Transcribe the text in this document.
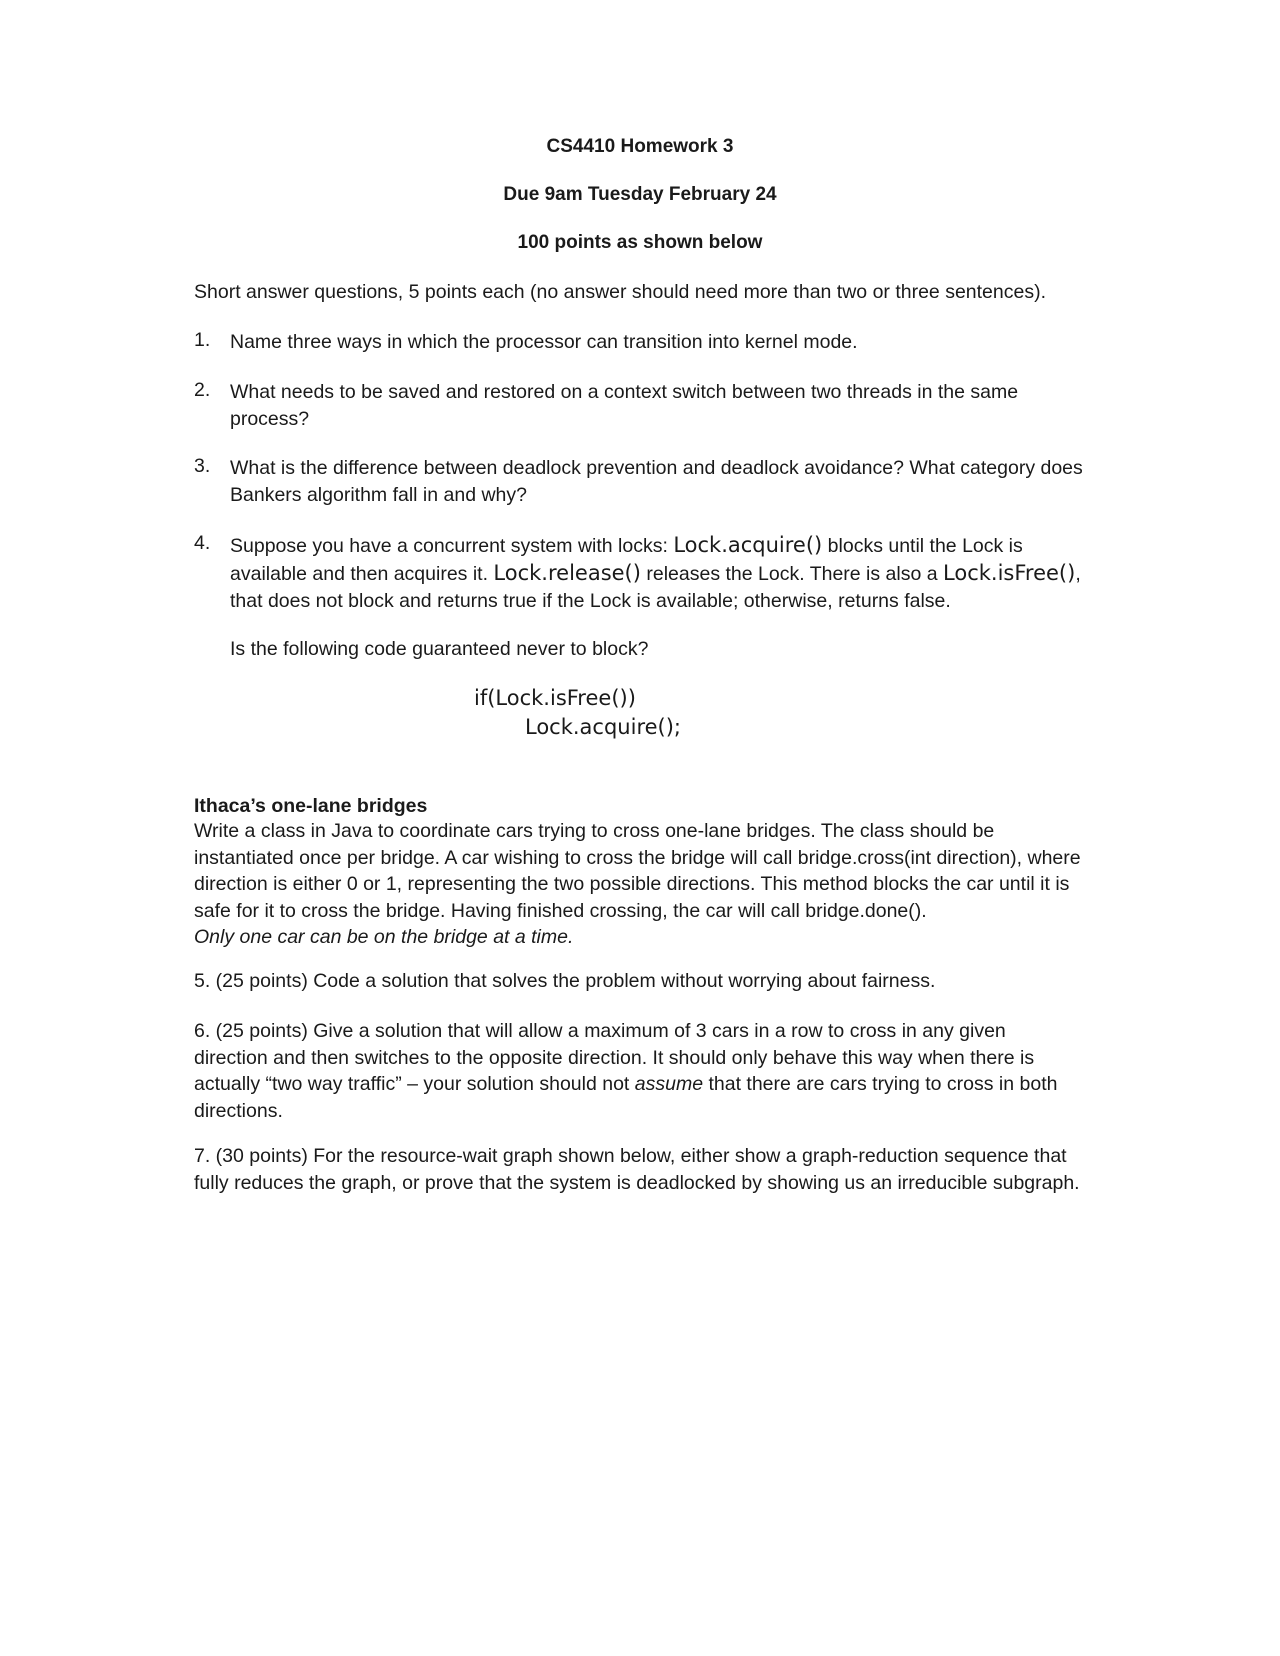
CS4410 Homework 3
Due 9am Tuesday February 24
100 points as shown below
Short answer questions, 5 points each (no answer should need more than two or three sentences).
1. Name three ways in which the processor can transition into kernel mode.
2. What needs to be saved and restored on a context switch between two threads in the same process?
3. What is the difference between deadlock prevention and deadlock avoidance? What category does Bankers algorithm fall in and why?
4. Suppose you have a concurrent system with locks: Lock.acquire() blocks until the Lock is available and then acquires it. Lock.release() releases the Lock. There is also a Lock.isFree(), that does not block and returns true if the Lock is available; otherwise, returns false.
Is the following code guaranteed never to block?
if(Lock.isFree())
Lock.acquire();
Ithaca’s one-lane bridges
Write a class in Java to coordinate cars trying to cross one-lane bridges. The class should be instantiated once per bridge. A car wishing to cross the bridge will call bridge.cross(int direction), where direction is either 0 or 1, representing the two possible directions. This method blocks the car until it is safe for it to cross the bridge. Having finished crossing, the car will call bridge.done().
Only one car can be on the bridge at a time.
5. (25 points) Code a solution that solves the problem without worrying about fairness.
6. (25 points) Give a solution that will allow a maximum of 3 cars in a row to cross in any given direction and then switches to the opposite direction. It should only behave this way when there is actually “two way traffic” – your solution should not assume that there are cars trying to cross in both directions.
7. (30 points) For the resource-wait graph shown below, either show a graph-reduction sequence that fully reduces the graph, or prove that the system is deadlocked by showing us an irreducible subgraph.
